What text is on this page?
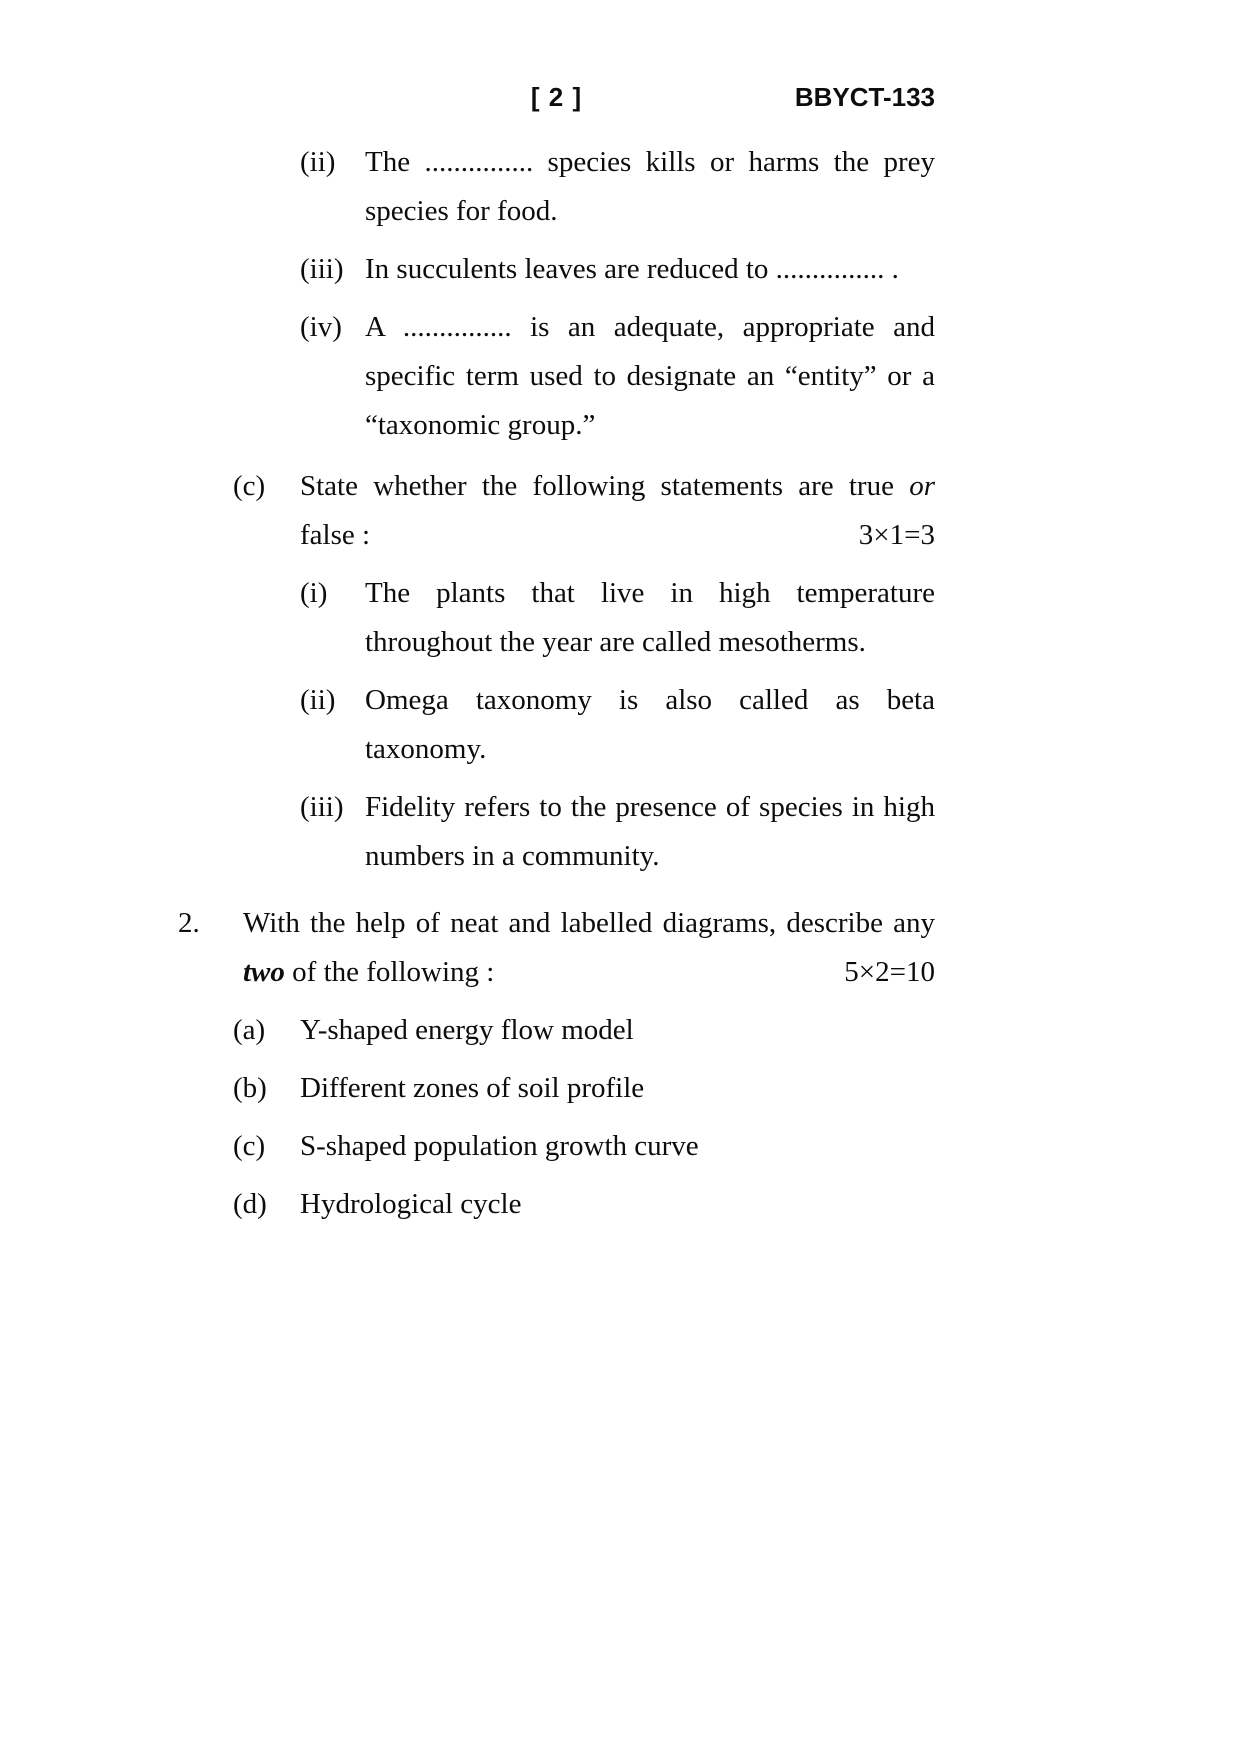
[ 2 ]	BBYCT-133
(ii)	The ............... species kills or harms the prey species for food.
(iii) In succulents leaves are reduced to ............... .
(iv) A ............... is an adequate, appropriate and specific term used to designate an “entity” or a “taxonomic group.”
(c)	State whether the following statements are true or false :	3×1=3
(i)	The plants that live in high temperature throughout the year are called mesotherms.
(ii)	Omega taxonomy is also called as beta taxonomy.
(iii) Fidelity refers to the presence of species in high numbers in a community.
2.	With the help of neat and labelled diagrams, describe any two of the following :	5×2=10
(a)	Y-shaped energy flow model
(b)	Different zones of soil profile
(c)	S-shaped population growth curve
(d)	Hydrological cycle
